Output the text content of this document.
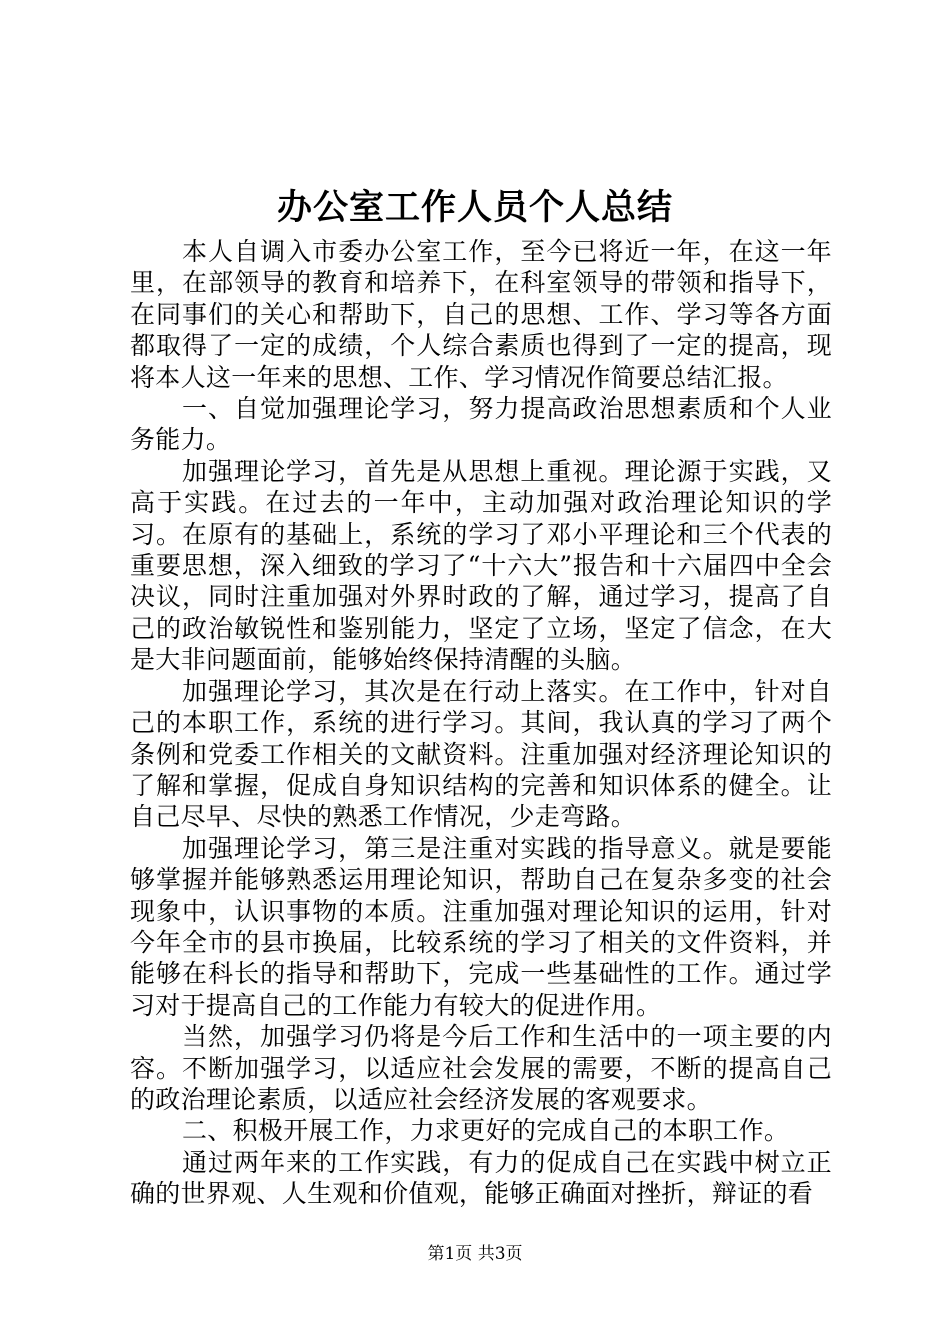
办公室工作人员个人总结

本人自调入市委办公室工作，至今已将近一年，在这一年里，在部领导的教育和培养下，在科室领导的带领和指导下，在同事们的关心和帮助下，自己的思想、工作、学习等各方面都取得了一定的成绩，个人综合素质也得到了一定的提高，现将本人这一年来的思想、工作、学习情况作简要总结汇报。

一、自觉加强理论学习，努力提高政治思想素质和个人业务能力。

加强理论学习，首先是从思想上重视。理论源于实践，又高于实践。在过去的一年中，主动加强对政治理论知识的学习。在原有的基础上，系统的学习了邓小平理论和三个代表的重要思想，深入细致的学习了“十六大”报告和十六届四中全会决议，同时注重加强对外界时政的了解，通过学习，提高了自己的政治敏锐性和鉴别能力，坚定了立场，坚定了信念，在大是大非问题面前，能够始终保持清醒的头脑。

加强理论学习，其次是在行动上落实。在工作中，针对自己的本职工作，系统的进行学习。其间，我认真的学习了两个条例和党委工作相关的文献资料。注重加强对经济理论知识的了解和掌握，促成自身知识结构的完善和知识体系的健全。让自己尽早、尽快的熟悉工作情况，少走弯路。

加强理论学习，第三是注重对实践的指导意义。就是要能够掌握并能够熟悉运用理论知识，帮助自己在复杂多变的社会现象中，认识事物的本质。注重加强对理论知识的运用，针对今年全市的县市换届，比较系统的学习了相关的文件资料，并能够在科长的指导和帮助下，完成一些基础性的工作。通过学习对于提高自己的工作能力有较大的促进作用。

当然，加强学习仍将是今后工作和生活中的一项主要的内容。不断加强学习，以适应社会发展的需要，不断的提高自己的政治理论素质，以适应社会经济发展的客观要求。

二、积极开展工作，力求更好的完成自己的本职工作。

通过两年来的工作实践，有力的促成自己在实践中树立正确的世界观、人生观和价值观，能够正确面对挫折，辩证的看

第1页 共3页
